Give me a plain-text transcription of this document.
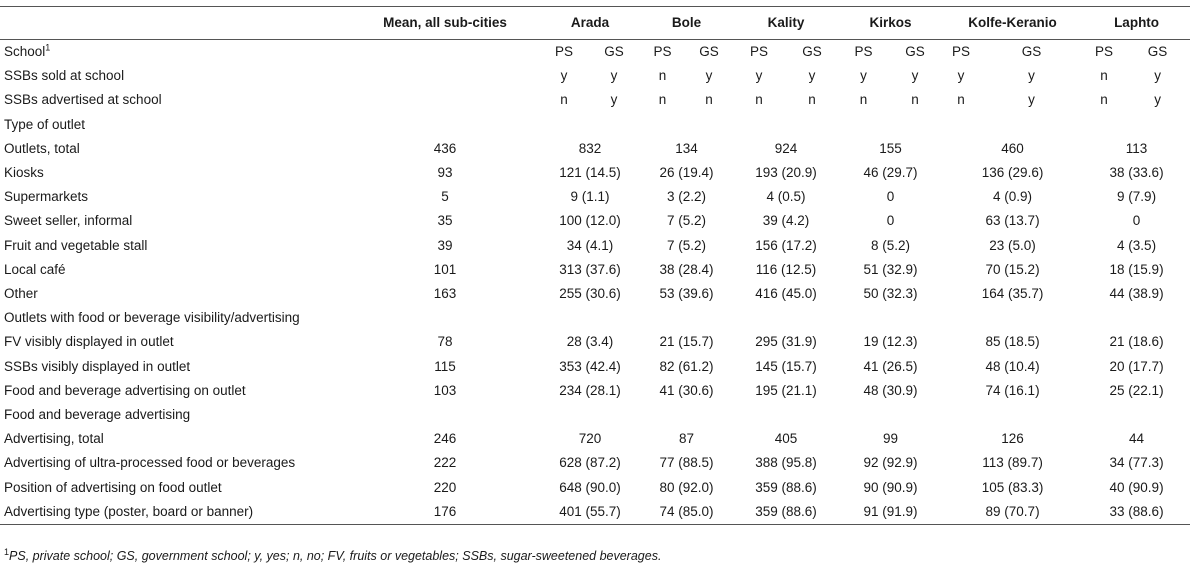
	Mean, all sub-cities	Arada		Bole		Kality		Kirkos		Kolfe-Keranio		Laphto	
School$^1$		PS	GS	PS	GS	PS	GS	PS	GS	PS	GS	PS	GS
SSBs sold at school		y	y	n	y	y	y	y	y	y	y	n	y
SSBs advertised at school		n	y	n	n	n	n	n	n	n	y	n	y
Type of outlet													
Outlets, total	436	832		134		924		155		460		113	
Kiosks	93	121 (14.5)		26 (19.4)		193 (20.9)		46 (29.7)		136 (29.6)		38 (33.6)	
Supermarkets	5	9 (1.1)		3 (2.2)		4 (0.5)		0		4 (0.9)		9 (7.9)	
Sweet seller, informal	35	100 (12.0)		7 (5.2)		39 (4.2)		0		63 (13.7)		0	
Fruit and vegetable stall	39	34 (4.1)		7 (5.2)		156 (17.2)		8 (5.2)		23 (5.0)		4 (3.5)	
Local café	101	313 (37.6)		38 (28.4)		116 (12.5)		51 (32.9)		70 (15.2)		18 (15.9)	
Other	163	255 (30.6)		53 (39.6)		416 (45.0)		50 (32.3)		164 (35.7)		44 (38.9)	
Outlets with food or beverage visibility/advertising													
FV visibly displayed in outlet	78	28 (3.4)		21 (15.7)		295 (31.9)		19 (12.3)		85 (18.5)		21 (18.6)	
SSBs visibly displayed in outlet	115	353 (42.4)		82 (61.2)		145 (15.7)		41 (26.5)		48 (10.4)		20 (17.7)	
Food and beverage advertising on outlet	103	234 (28.1)		41 (30.6)		195 (21.1)		48 (30.9)		74 (16.1)		25 (22.1)	
Food and beverage advertising													
Advertising, total	246	720		87		405		99		126		44	
Advertising of ultra-processed food or beverages	222	628 (87.2)		77 (88.5)		388 (95.8)		92 (92.9)		113 (89.7)		34 (77.3)	
Position of advertising on food outlet	220	648 (90.0)		80 (92.0)		359 (88.6)		90 (90.9)		105 (83.3)		40 (90.9)	
Advertising type (poster, board or banner)	176	401 (55.7)		74 (85.0)		359 (88.6)		91 (91.9)		89 (70.7)		33 (88.6)	
$^1$PS, private school; GS, government school; y, yes; n, no; FV, fruits or vegetables; SSBs, sugar-sweetened beverages.
